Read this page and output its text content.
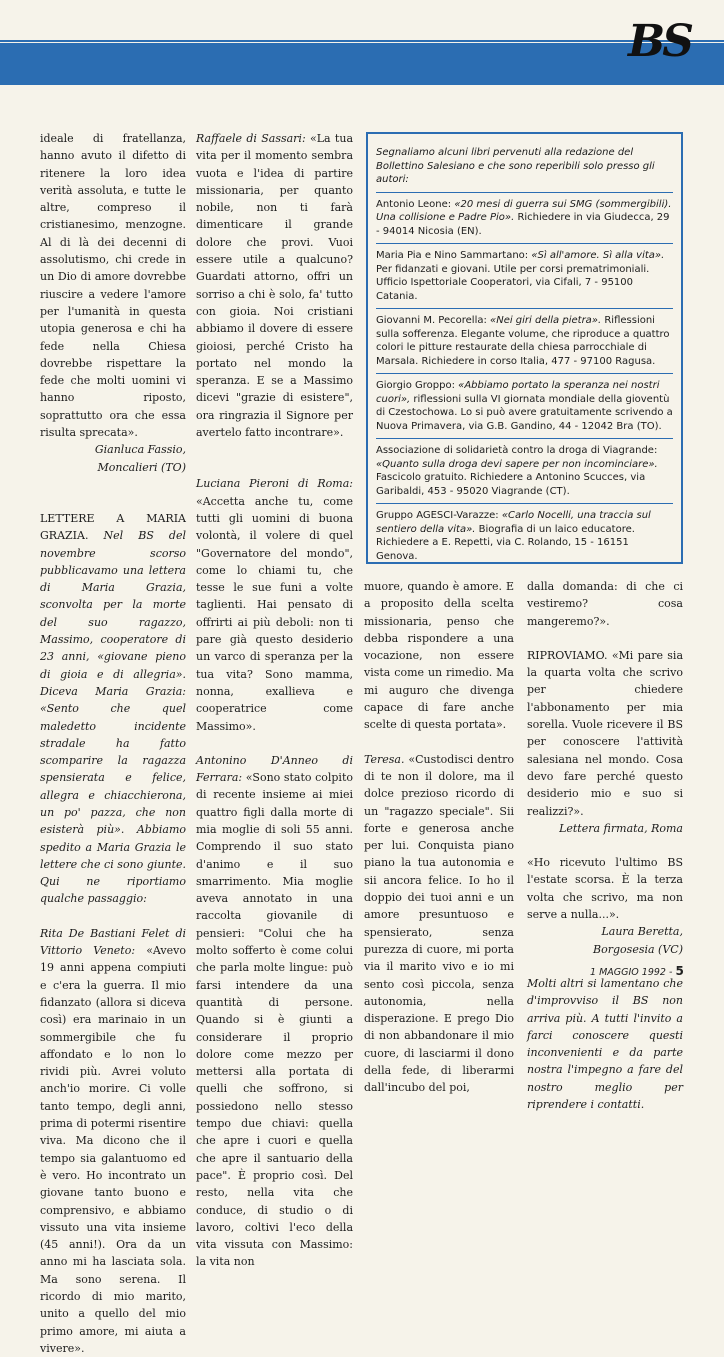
BS

ideale di fratellanza, hanno avuto il difetto di ritenere la loro idea verità assoluta, e tutte le altre, compreso il cristianesimo, menzogne. Al di là dei decenni di assolutismo, chi crede in un Dio di amore dovrebbe riuscire a vedere l'amore per l'umanità in questa utopia generosa e chi ha fede nella Chiesa dovrebbe rispettare la fede che molti uomini vi hanno riposto, soprattutto ora che essa risulta sprecata».

Gianluca Fassio,

Moncalieri (TO)

LETTERE A MARIA GRAZIA. Nel BS del novembre scorso pubblicavamo una lettera di Maria Grazia, sconvolta per la morte del suo ragazzo, Massimo, cooperatore di 23 anni, «giovane pieno di gioia e di allegria». Diceva Maria Grazia: «Sento che quel maledetto incidente stradale ha fatto scomparire la ragazza spensierata e felice, allegra e chiacchierona, un po' pazza, che non esisterà più». Abbiamo spedito a Maria Grazia le lettere che ci sono giunte. Qui ne riportiamo qualche passaggio:

Rita De Bastiani Felet di Vittorio Veneto: «Avevo 19 anni appena compiuti e c'era la guerra. Il mio fidanzato (allora si diceva così) era marinaio in un sommergibile che fu affondato e lo non lo rividi più. Avrei voluto anch'io morire. Ci volle tanto tempo, degli anni, prima di potermi risentire viva. Ma dicono che il tempo sia galantuomo ed è vero. Ho incontrato un giovane tanto buono e comprensivo, e abbiamo vissuto una vita insieme (45 anni!). Ora da un anno mi ha lasciata sola. Ma sono serena. Il ricordo di mio marito, unito a quello del mio primo amore, mi aiuta a vivere».

Raffaele di Sassari: «La tua vita per il momento sembra vuota e l'idea di partire missionaria, per quanto nobile, non ti farà dimenticare il grande dolore che provi. Vuoi essere utile a qualcuno? Guardati attorno, offri un sorriso a chi è solo, fa' tutto con gioia. Noi cristiani abbiamo il dovere di essere gioiosi, perché Cristo ha portato nel mondo la speranza. E se a Massimo dicevi "grazie di esistere", ora ringrazia il Signore per avertelo fatto incontrare».

Luciana Pieroni di Roma: «Accetta anche tu, come tutti gli uomini di buona volontà, il volere di quel "Governatore del mondo", come lo chiami tu, che tesse le sue funi a volte taglienti. Hai pensato di offrirti ai più deboli: non ti pare già questo desiderio un varco di speranza per la tua vita? Sono mamma, nonna, exallieva e cooperatrice come Massimo».

Antonino D'Anneo di Ferrara: «Sono stato colpito di recente insieme ai miei quattro figli dalla morte di mia moglie di soli 55 anni. Comprendo il suo stato d'animo e il suo smarrimento. Mia moglie aveva annotato in una raccolta giovanile di pensieri: "Colui che ha molto sofferto è come colui che parla molte lingue: può farsi intendere da una quantità di persone. Quando si è giunti a considerare il proprio dolore come mezzo per mettersi alla portata di quelli che soffrono, si possiedono nello stesso tempo due chiavi: quella che apre i cuori e quella che apre il santuario della pace". È proprio così. Del resto, nella vita che conduce, di studio o di lavoro, coltivi l'eco della vita vissuta con Massimo: la vita non

Segnaliamo alcuni libri pervenuti alla redazione del Bollettino Salesiano e che sono reperibili solo presso gli autori:

Antonio Leone: «20 mesi di guerra sui SMG (sommergibili). Una collisione e Padre Pio». Richiedere in via Giudecca, 29 - 94014 Nicosia (EN).

Maria Pia e Nino Sammartano: «Sì all'amore. Sì alla vita». Per fidanzati e giovani. Utile per corsi prematrimoniali. Ufficio Ispettoriale Cooperatori, via Cifali, 7 - 95100 Catania.

Giovanni M. Pecorella: «Nei giri della pietra». Riflessioni sulla sofferenza. Elegante volume, che riproduce a quattro colori le pitture restaurate della chiesa parrocchiale di Marsala. Richiedere in corso Italia, 477 - 97100 Ragusa.

Giorgio Groppo: «Abbiamo portato la speranza nei nostri cuori», riflessioni sulla VI giornata mondiale della gioventù di Czestochowa. Lo si può avere gratuitamente scrivendo a Nuova Primavera, via G.B. Gandino, 44 - 12042 Bra (TO).

Associazione di solidarietà contro la droga di Viagrande: «Quanto sulla droga devi sapere per non incominciare». Fascicolo gratuito. Richiedere a Antonino Scucces, via Garibaldi, 453 - 95020 Viagrande (CT).

Gruppo AGESCI-Varazze: «Carlo Nocelli, una traccia sul sentiero della vita». Biografia di un laico educatore. Richiedere a E. Repetti, via C. Rolando, 15 - 16151 Genova.

muore, quando è amore. E a proposito della scelta missionaria, penso che debba rispondere a una vocazione, non essere vista come un rimedio. Ma mi auguro che divenga capace di fare anche scelte di questa portata».

Teresa. «Custodisci dentro di te non il dolore, ma il dolce prezioso ricordo di un "ragazzo speciale". Sii forte e generosa anche per lui. Conquista piano piano la tua autonomia e sii ancora felice. Io ho il doppio dei tuoi anni e un amore presuntuoso e spensierato, senza purezza di cuore, mi porta via il marito vivo e io mi sento così piccola, senza autonomia, nella disperazione. E prego Dio di non abbandonare il mio cuore, di lasciarmi il dono della fede, di liberarmi dall'incubo del poi,

dalla domanda: di che ci vestiremo? cosa mangeremo?».

RIPROVIAMO. «Mi pare sia la quarta volta che scrivo per chiedere l'abbonamento per mia sorella. Vuole ricevere il BS per conoscere l'attività salesiana nel mondo. Cosa devo fare perché questo desiderio mio e suo si realizzi?».

Lettera firmata, Roma

«Ho ricevuto l'ultimo BS l'estate scorsa. È la terza volta che scrivo, ma non serve a nulla...».

Laura Beretta,

Borgosesia (VC)

Molti altri si lamentano che d'improvviso il BS non arriva più. A tutti l'invito a farci conoscere questi inconvenienti e da parte nostra l'impegno a fare del nostro meglio per riprendere i contatti.

1 MAGGIO 1992 - 5
